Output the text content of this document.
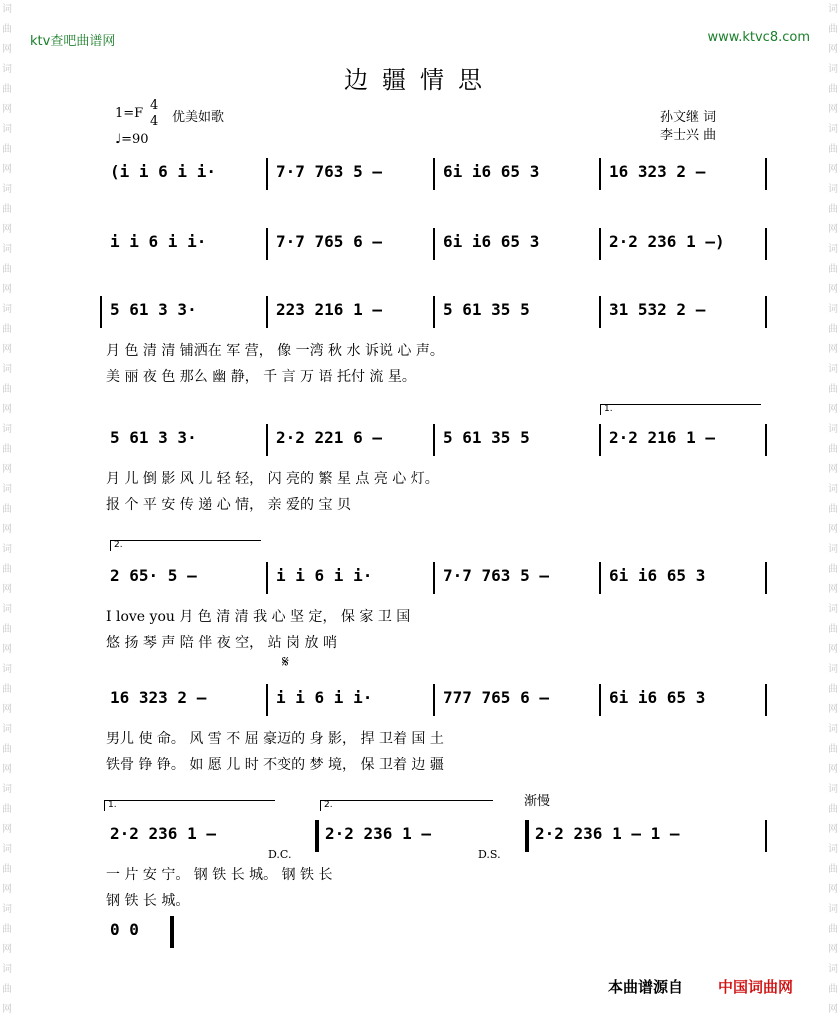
词
曲
网
词
曲
网
词
曲
网
词
曲
网
词
曲
网
词
曲
网
词
曲
网
词
曲
网
词
曲
网
词
曲
网
词
曲
网
词
曲
网
词
曲
网
词
曲
网
词
曲
网
词
曲
网
词
曲
网
词
曲
网
词
曲
网
词
曲
网
词
曲
网
词
曲
网
词
曲
网
词
曲
网
词
曲
网
词
曲
网
词
曲
网
词
曲
网
词
曲
网
词
曲
网
词
曲
网
词
曲
网
词
曲
网
词
曲
网
ktv查吧曲谱网	www.ktvc8.com
边疆情思
1=F
4
4 优美如歌
♩=90
孙文继 词
李士兴 曲
(i i 6 i i·	7·7 763 5 –	6i i6 65 3	16 323 2 –
i i 6 i i·	7·7 765 6 –	6i i6 65 3	2·2 236 1 –)
5 61 3 3·	223 216 1 –	5 61 35 5	31 532 2 –
月 色 清 清 铺洒在 军 营， 像 一湾 秋 水 诉说 心 声。
美 丽 夜 色 那么 幽 静， 千 言 万 语 托付 流 星。
5 61 3 3·	2·2 221 6 –	5 61 35 5	2·2 216 1 –
月 儿 倒 影 风 儿 轻 轻， 闪 亮的 繁 星 点 亮 心 灯。
报 个 平 安 传 递 心 情， 亲 爱的 宝 贝
2 65· 5 –	i i 6 i i·	7·7 763 5 –	6i i6 65 3
I love you 月 色 清 清 我 心 坚 定， 保 家 卫 国
悠 扬 琴 声 陪 伴 夜 空， 站 岗 放 哨
16 323 2 –	i i 6 i i·	777 765 6 –	6i i6 65 3
男儿 使 命。 风 雪 不 屈 豪迈的 身 影， 捍 卫着 国 土
铁骨 铮 铮。 如 愿 儿 时 不变的 梦 境， 保 卫着 边 疆
2·2 236 1 –	2·2 236 1 –	2·2 236 1 – 1 –
一 片 安 宁。 钢 铁 长 城。 钢 铁 长
钢 铁 长 城。
0 0
1.
2.
𝄋
1.	2.	渐慢
D.C.	D.S.
本曲谱源自 中国词曲网
